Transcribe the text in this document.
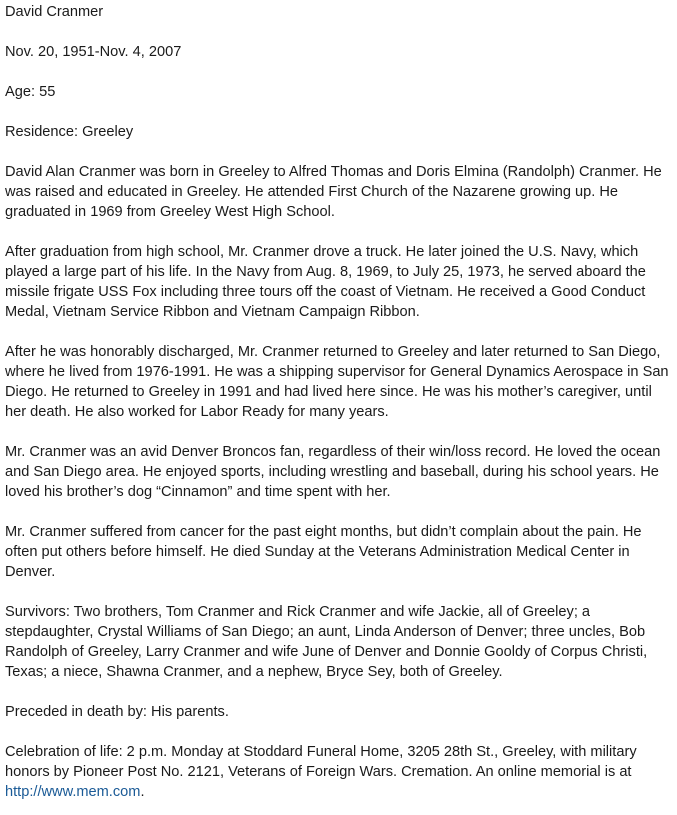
David Cranmer

Nov. 20, 1951-Nov. 4, 2007

Age: 55

Residence: Greeley

David Alan Cranmer was born in Greeley to Alfred Thomas and Doris Elmina (Randolph) Cranmer. He was raised and educated in Greeley. He attended First Church of the Nazarene growing up. He graduated in 1969 from Greeley West High School.

After graduation from high school, Mr. Cranmer drove a truck. He later joined the U.S. Navy, which played a large part of his life. In the Navy from Aug. 8, 1969, to July 25, 1973, he served aboard the missile frigate USS Fox including three tours off the coast of Vietnam. He received a Good Conduct Medal, Vietnam Service Ribbon and Vietnam Campaign Ribbon.

After he was honorably discharged, Mr. Cranmer returned to Greeley and later returned to San Diego, where he lived from 1976-1991. He was a shipping supervisor for General Dynamics Aerospace in San Diego. He returned to Greeley in 1991 and had lived here since. He was his mother’s caregiver, until her death. He also worked for Labor Ready for many years.

Mr. Cranmer was an avid Denver Broncos fan, regardless of their win/loss record. He loved the ocean and San Diego area. He enjoyed sports, including wrestling and baseball, during his school years. He loved his brother’s dog “Cinnamon” and time spent with her.

Mr. Cranmer suffered from cancer for the past eight months, but didn’t complain about the pain. He often put others before himself. He died Sunday at the Veterans Administration Medical Center in Denver.

Survivors: Two brothers, Tom Cranmer and Rick Cranmer and wife Jackie, all of Greeley; a stepdaughter, Crystal Williams of San Diego; an aunt, Linda Anderson of Denver; three uncles, Bob Randolph of Greeley, Larry Cranmer and wife June of Denver and Donnie Gooldy of Corpus Christi, Texas; a niece, Shawna Cranmer, and a nephew, Bryce Sey, both of Greeley.

Preceded in death by: His parents.

Celebration of life: 2 p.m. Monday at Stoddard Funeral Home, 3205 28th St., Greeley, with military honors by Pioneer Post No. 2121, Veterans of Foreign Wars. Cremation. An online memorial is at http://www.mem.com.
